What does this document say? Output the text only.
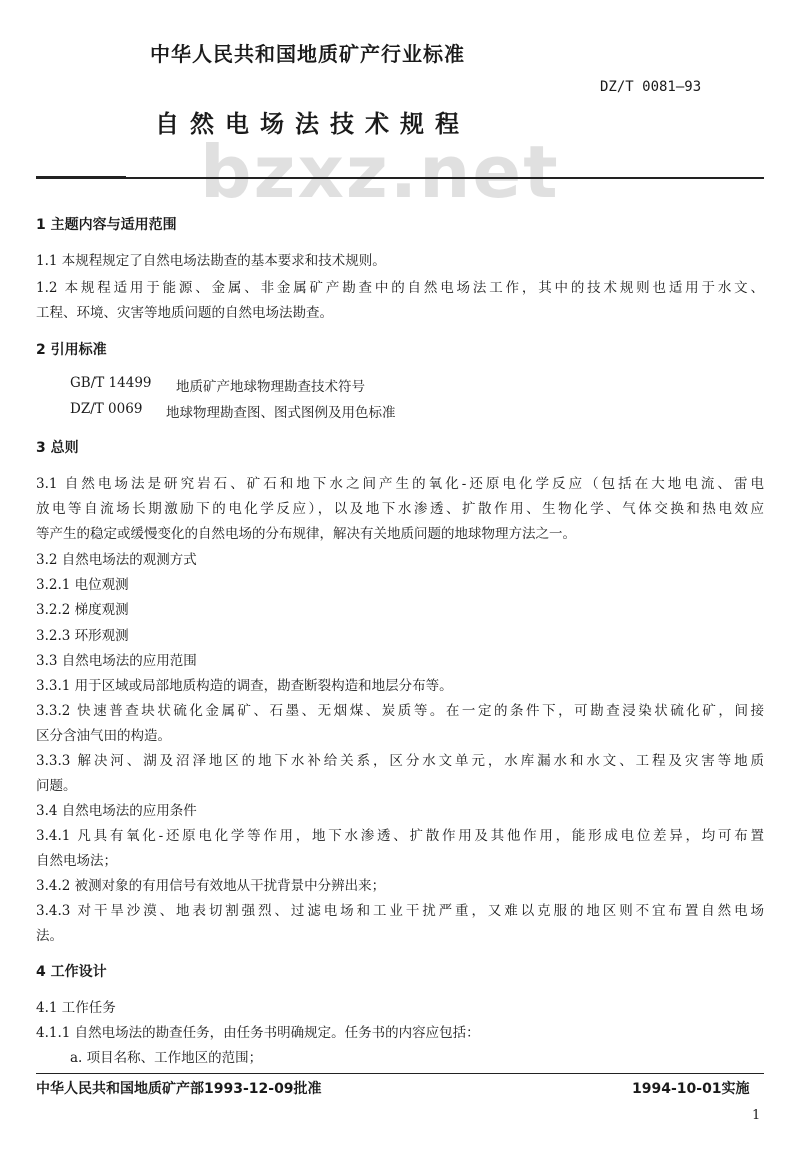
bzxz.net
中华人民共和国地质矿产行业标准
DZ/T 0081—93
自然电场法技术规程
1 主题内容与适用范围
1.1 本规程规定了自然电场法勘查的基本要求和技术规则。
1.2 本规程适用于能源、金属、非金属矿产勘查中的自然电场法工作，其中的技术规则也适用于水文、
工程、环境、灾害等地质问题的自然电场法勘查。
2 引用标准
GB/T 14499 地质矿产地球物理勘查技术符号
DZ/T 0069 地球物理勘查图、图式图例及用色标准
3 总则
3.1 自然电场法是研究岩石、矿石和地下水之间产生的氧化-还原电化学反应（包括在大地电流、雷电
放电等自流场长期激励下的电化学反应），以及地下水渗透、扩散作用、生物化学、气体交换和热电效应
等产生的稳定或缓慢变化的自然电场的分布规律，解决有关地质问题的地球物理方法之一。
3.2 自然电场法的观测方式
3.2.1 电位观测
3.2.2 梯度观测
3.2.3 环形观测
3.3 自然电场法的应用范围
3.3.1 用于区域或局部地质构造的调查，勘查断裂构造和地层分布等。
3.3.2 快速普查块状硫化金属矿、石墨、无烟煤、炭质等。在一定的条件下，可勘查浸染状硫化矿，间接
区分含油气田的构造。
3.3.3 解决河、湖及沼泽地区的地下水补给关系，区分水文单元，水库漏水和水文、工程及灾害等地质
问题。
3.4 自然电场法的应用条件
3.4.1 凡具有氧化-还原电化学等作用，地下水渗透、扩散作用及其他作用，能形成电位差异，均可布置
自然电场法；
3.4.2 被测对象的有用信号有效地从干扰背景中分辨出来；
3.4.3 对干旱沙漠、地表切割强烈、过滤电场和工业干扰严重，又难以克服的地区则不宜布置自然电场
法。
4 工作设计
4.1 工作任务
4.1.1 自然电场法的勘查任务，由任务书明确规定。任务书的内容应包括：
a. 项目名称、工作地区的范围；
中华人民共和国地质矿产部1993-12-09批准	1994-10-01实施
1
